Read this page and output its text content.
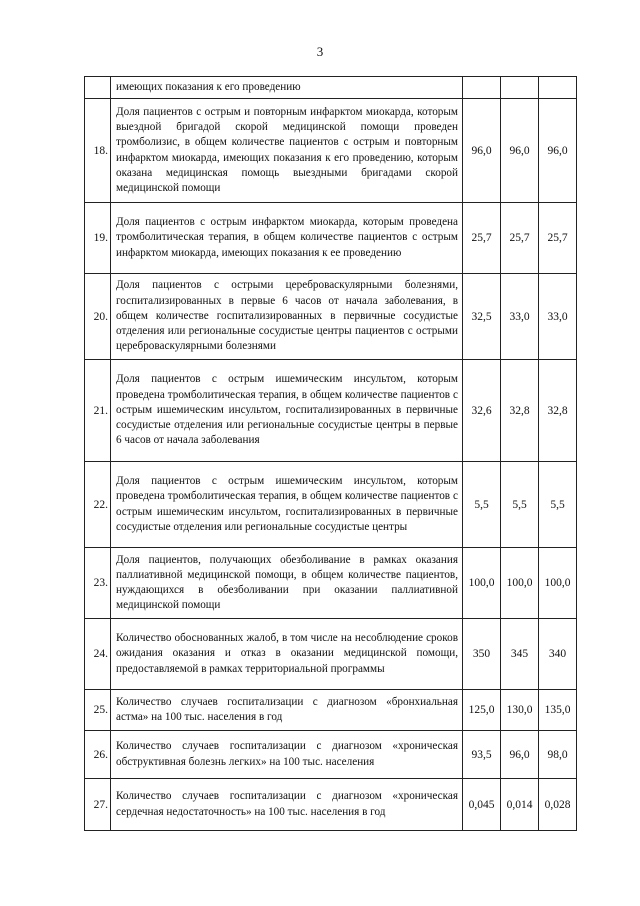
3
	имеющих показания к его проведению			
18.	Доля пациентов с острым и повторным инфарктом миокарда, которым выездной бригадой скорой медицинской помощи проведен тромболизис, в общем количестве пациентов с острым и повторным инфарктом миокарда, имеющих показания к его проведению, которым оказана медицинская помощь выездными бригадами скорой медицинской помощи	96,0	96,0	96,0
19.	Доля пациентов с острым инфарктом миокарда, которым проведена тромболитическая терапия, в общем количестве пациентов с острым инфарктом миокарда, имеющих показания к ее проведению	25,7	25,7	25,7
20.	Доля пациентов с острыми цереброваскулярными болезнями, госпитализированных в первые 6 часов от начала заболевания, в общем количестве госпитализированных в первичные сосудистые отделения или региональные сосудистые центры пациентов с острыми цереброваскулярными болезнями	32,5	33,0	33,0
21.	Доля пациентов с острым ишемическим инсультом, которым проведена тромболитическая терапия, в общем количестве пациентов с острым ишемическим инсультом, госпитализированных в первичные сосудистые отделения или региональные сосудистые центры в первые 6 часов от начала заболевания	32,6	32,8	32,8
22.	Доля пациентов с острым ишемическим инсультом, которым проведена тромболитическая терапия, в общем количестве пациентов с острым ишемическим инсультом, госпитализированных в первичные сосудистые отделения или региональные сосудистые центры	5,5	5,5	5,5
23.	Доля пациентов, получающих обезболивание в рамках оказания паллиативной медицинской помощи, в общем количестве пациентов, нуждающихся в обезболивании при оказании паллиативной медицинской помощи	100,0	100,0	100,0
24.	Количество обоснованных жалоб, в том числе на несоблюдение сроков ожидания оказания и отказ в оказании медицинской помощи, предоставляемой в рамках территориальной программы	350	345	340
25.	Количество случаев госпитализации с диагнозом «бронхиальная астма» на 100 тыс. населения в год	125,0	130,0	135,0
26.	Количество случаев госпитализации с диагнозом «хроническая обструктивная болезнь легких» на 100 тыс. населения	93,5	96,0	98,0
27.	Количество случаев госпитализации с диагнозом «хроническая сердечная недостаточность» на 100 тыс. населения в год	0,045	0,014	0,028
